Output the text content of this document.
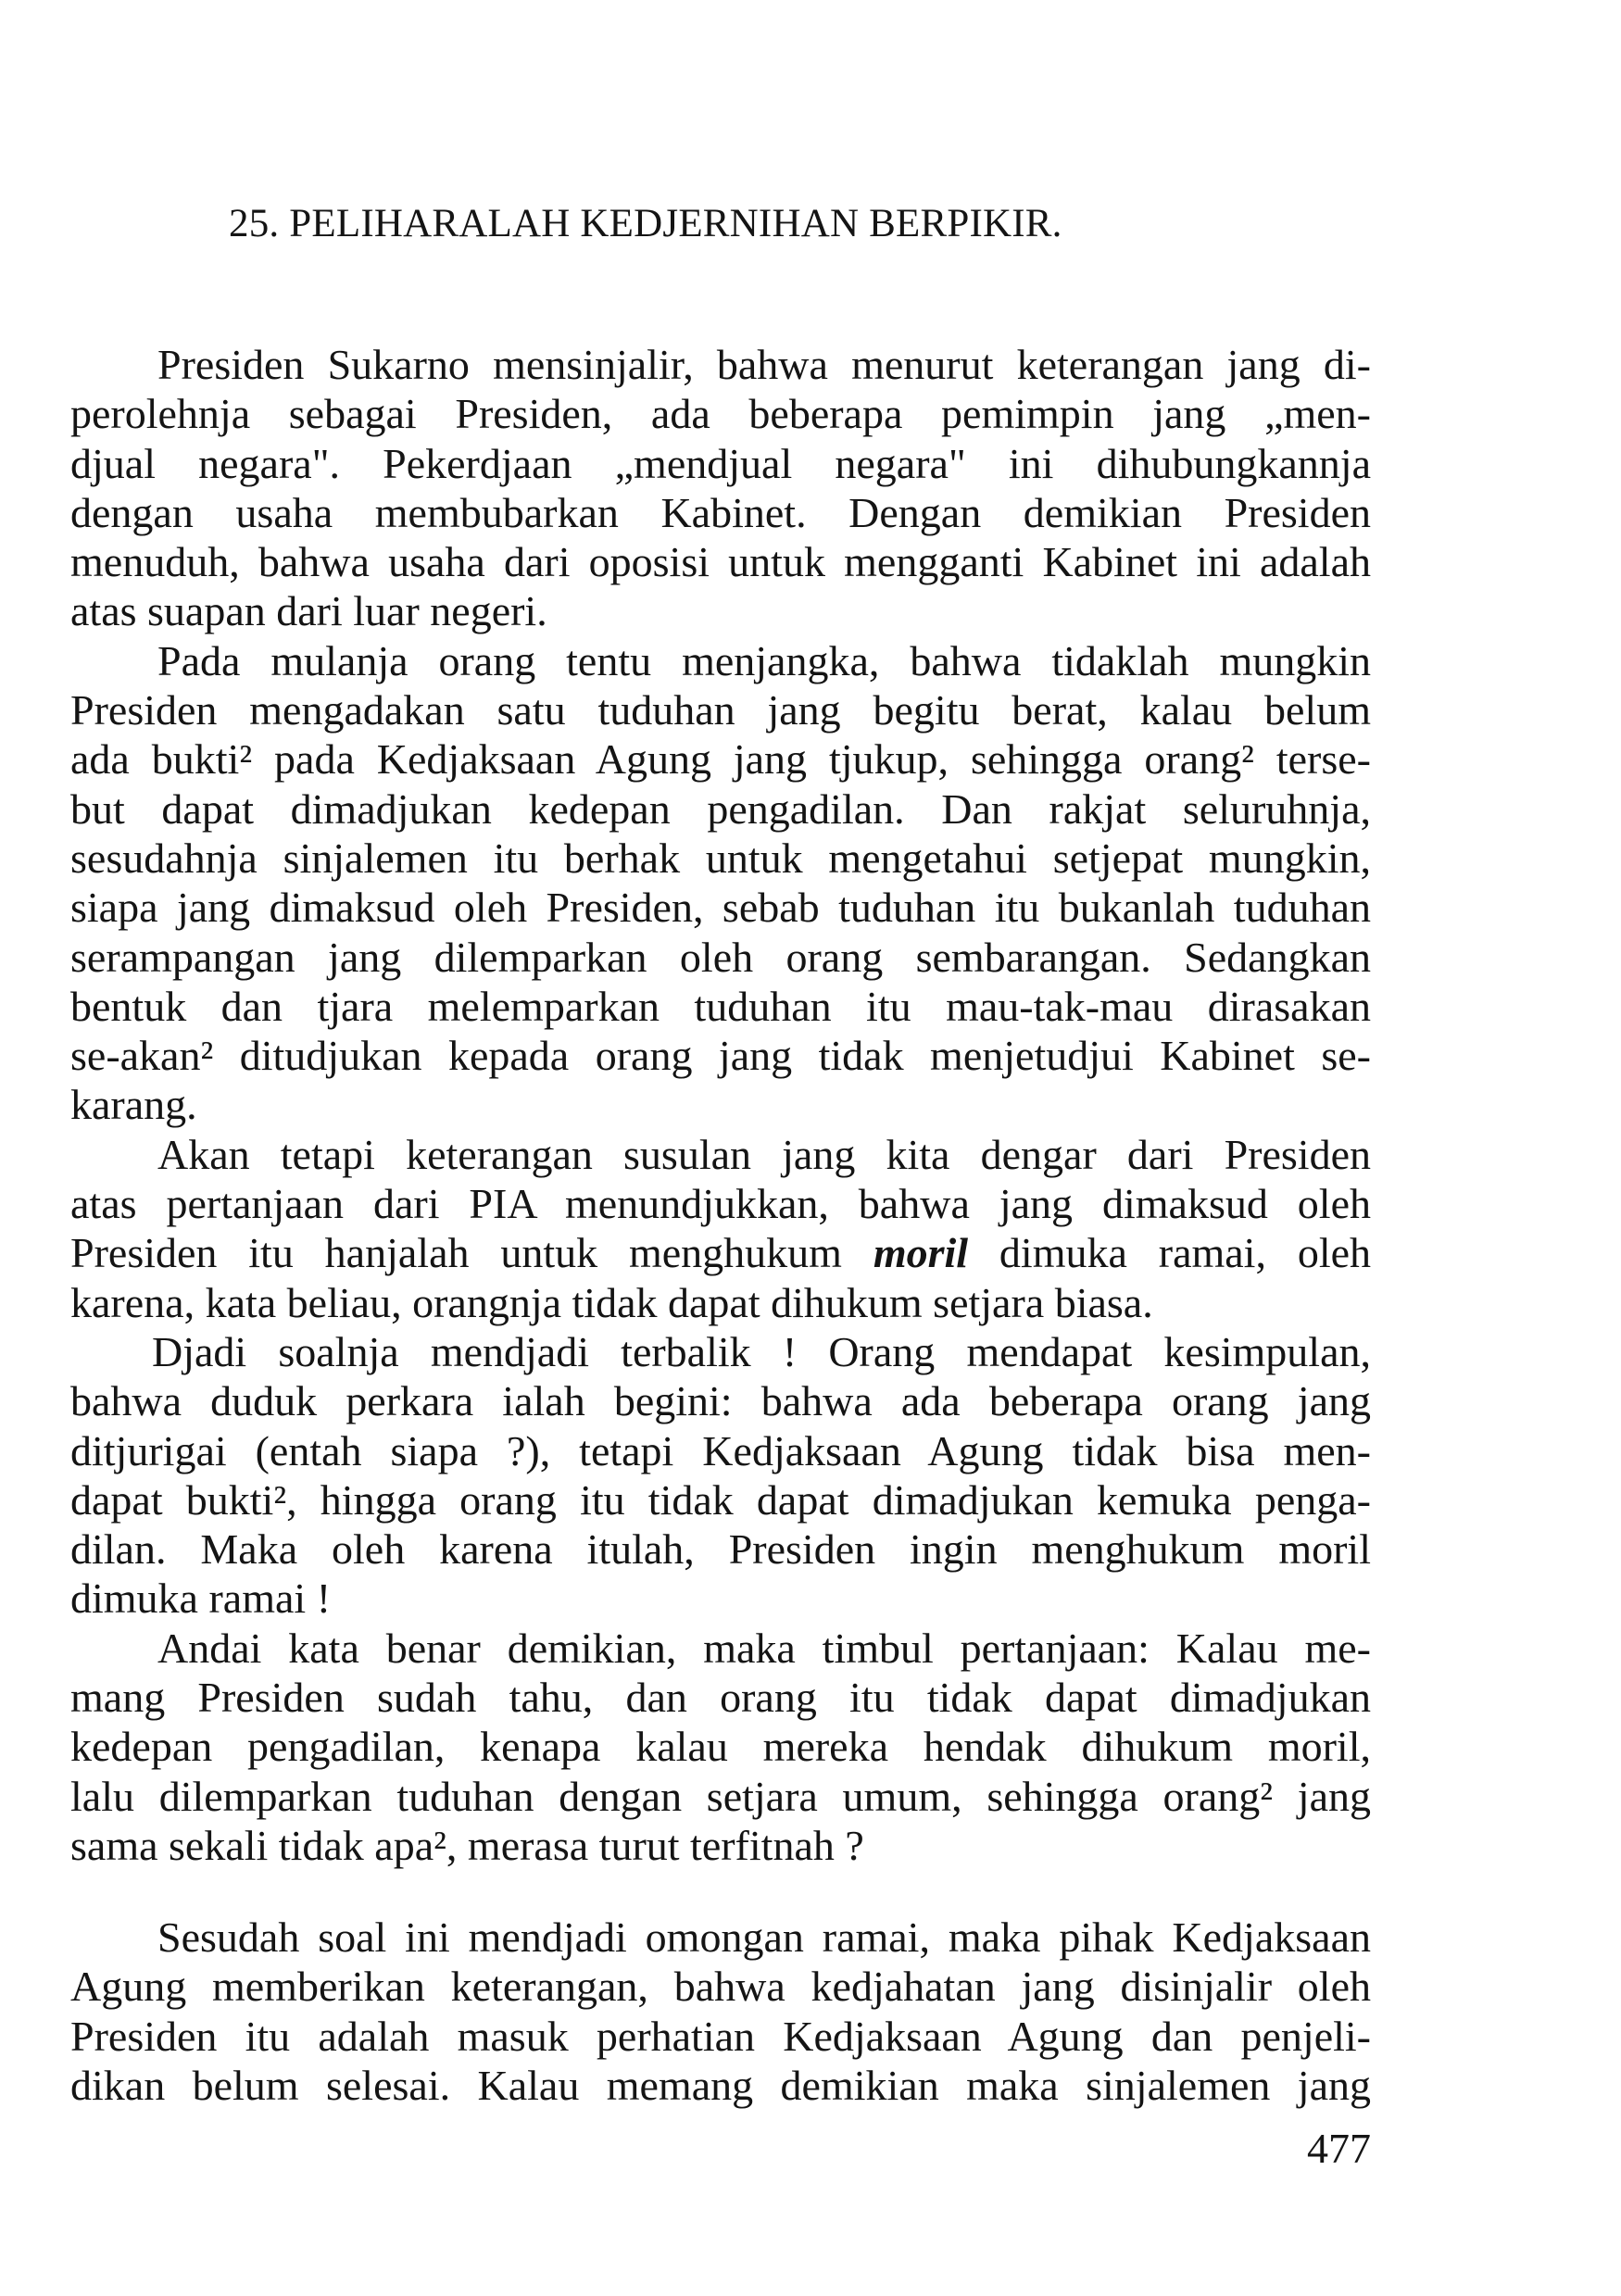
25. PELIHARALAH KEDJERNIHAN BERPIKIR.
Presiden Sukarno mensinjalir, bahwa menurut keterangan jang di-
perolehnja sebagai Presiden, ada beberapa pemimpin jang „men-
djual negara". Pekerdjaan „mendjual negara" ini dihubungkannja
dengan usaha membubarkan Kabinet. Dengan demikian Presiden
menuduh, bahwa usaha dari oposisi untuk mengganti Kabinet ini adalah
atas suapan dari luar negeri.
Pada mulanja orang tentu menjangka, bahwa tidaklah mungkin
Presiden mengadakan satu tuduhan jang begitu berat, kalau belum
ada bukti² pada Kedjaksaan Agung jang tjukup, sehingga orang² terse-
but dapat dimadjukan kedepan pengadilan. Dan rakjat seluruhnja,
sesudahnja sinjalemen itu berhak untuk mengetahui setjepat mungkin,
siapa jang dimaksud oleh Presiden, sebab tuduhan itu bukanlah tuduhan
serampangan jang dilemparkan oleh orang sembarangan. Sedangkan
bentuk dan tjara melemparkan tuduhan itu mau-tak-mau dirasakan
se-akan² ditudjukan kepada orang jang tidak menjetudjui Kabinet se-
karang.
Akan tetapi keterangan susulan jang kita dengar dari Presiden
atas pertanjaan dari PIA menundjukkan, bahwa jang dimaksud oleh
Presiden itu hanjalah untuk menghukum moril dimuka ramai, oleh
karena, kata beliau, orangnja tidak dapat dihukum setjara biasa.
Djadi soalnja mendjadi terbalik ! Orang mendapat kesimpulan,
bahwa duduk perkara ialah begini: bahwa ada beberapa orang jang
ditjurigai (entah siapa ?), tetapi Kedjaksaan Agung tidak bisa men-
dapat bukti², hingga orang itu tidak dapat dimadjukan kemuka penga-
dilan. Maka oleh karena itulah, Presiden ingin menghukum moril
dimuka ramai !
Andai kata benar demikian, maka timbul pertanjaan: Kalau me-
mang Presiden sudah tahu, dan orang itu tidak dapat dimadjukan
kedepan pengadilan, kenapa kalau mereka hendak dihukum moril,
lalu dilemparkan tuduhan dengan setjara umum, sehingga orang² jang
sama sekali tidak apa², merasa turut terfitnah ?
Sesudah soal ini mendjadi omongan ramai, maka pihak Kedjaksaan
Agung memberikan keterangan, bahwa kedjahatan jang disinjalir oleh
Presiden itu adalah masuk perhatian Kedjaksaan Agung dan penjeli-
dikan belum selesai. Kalau memang demikian maka sinjalemen jang
477
